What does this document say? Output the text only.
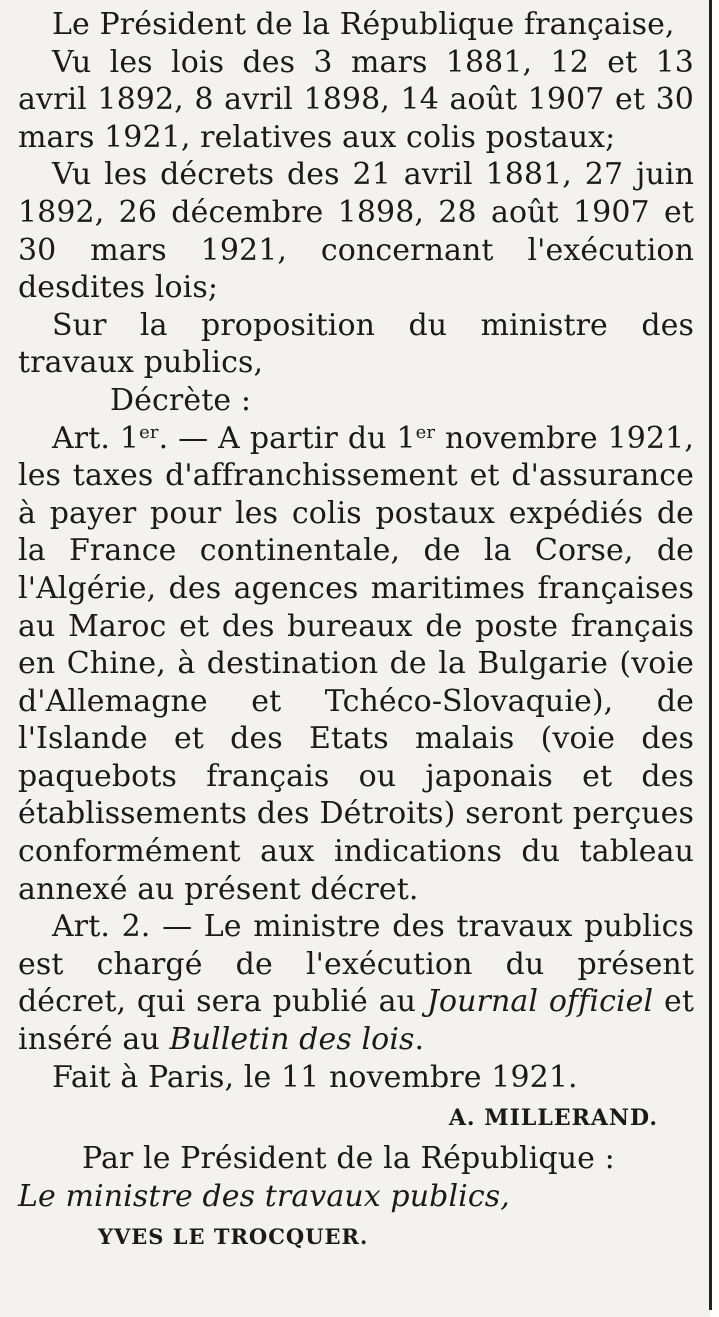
Le Président de la République française,

Vu les lois des 3 mars 1881, 12 et 13 avril 1892, 8 avril 1898, 14 août 1907 et 30 mars 1921, relatives aux colis postaux;

Vu les décrets des 21 avril 1881, 27 juin 1892, 26 décembre 1898, 28 août 1907 et 30 mars 1921, concernant l'exécution desdites lois;

Sur la proposition du ministre des travaux publics,

Décrète :

Art. 1er. — A partir du 1er novembre 1921, les taxes d'affranchissement et d'assurance à payer pour les colis postaux expédiés de la France continentale, de la Corse, de l'Algérie, des agences maritimes françaises au Maroc et des bureaux de poste français en Chine, à destination de la Bulgarie (voie d'Allemagne et Tchéco-Slovaquie), de l'Islande et des Etats malais (voie des paquebots français ou japonais et des établissements des Détroits) seront perçues conformément aux indications du tableau annexé au présent décret.

Art. 2. — Le ministre des travaux publics est chargé de l'exécution du présent décret, qui sera publié au Journal officiel et inséré au Bulletin des lois.

Fait à Paris, le 11 novembre 1921.

A. MILLERAND.

Par le Président de la République :

Le ministre des travaux publics,

YVES LE TROCQUER.
